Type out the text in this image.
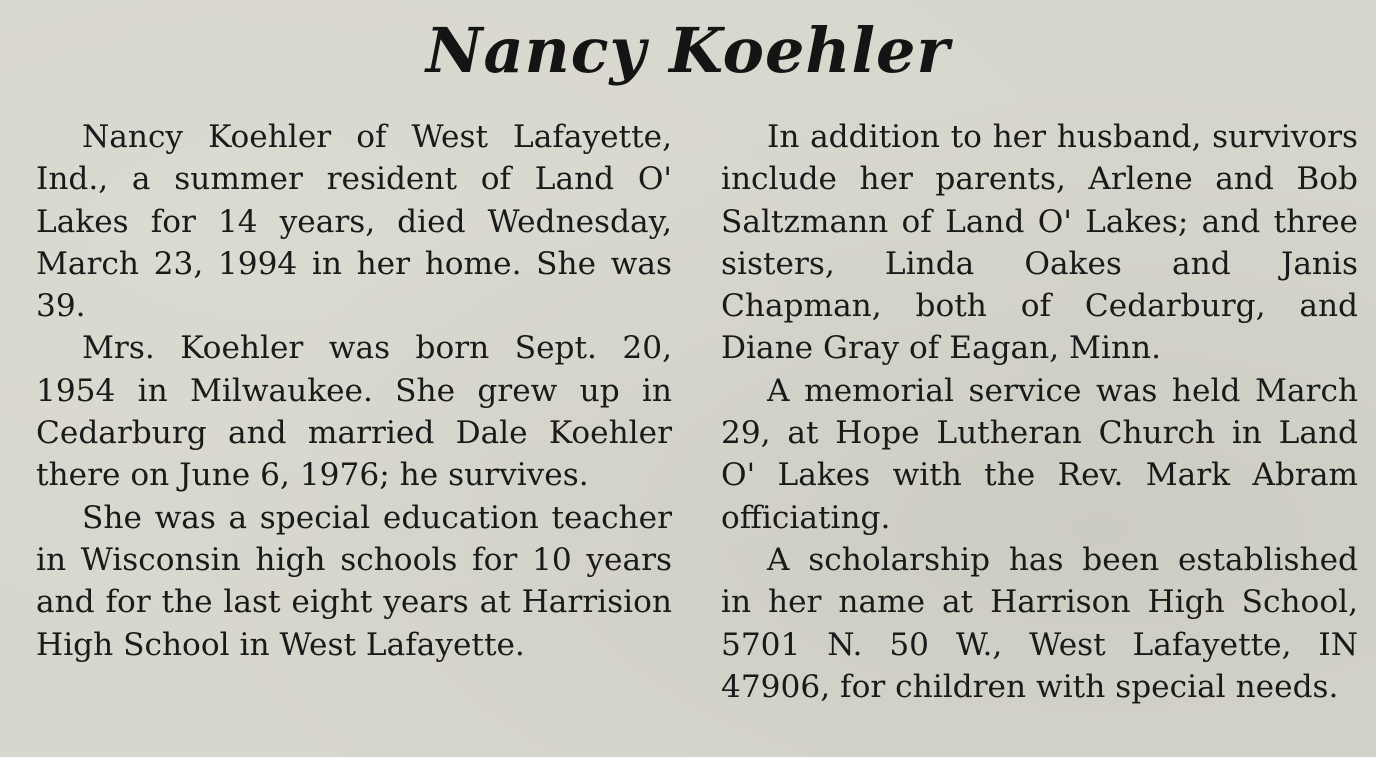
Nancy Koehler

Nancy Koehler of West Lafayette, Ind., a summer resident of Land O' Lakes for 14 years, died Wednesday, March 23, 1994 in her home. She was 39.

Mrs. Koehler was born Sept. 20, 1954 in Milwaukee. She grew up in Cedarburg and married Dale Koehler there on June 6, 1976; he survives.

She was a special education teacher in Wisconsin high schools for 10 years and for the last eight years at Harrision High School in West Lafayette.

In addition to her husband, survivors include her parents, Arlene and Bob Saltzmann of Land O' Lakes; and three sisters, Linda Oakes and Janis Chapman, both of Cedarburg, and Diane Gray of Eagan, Minn.

A memorial service was held March 29, at Hope Lutheran Church in Land O' Lakes with the Rev. Mark Abram officiating.

A scholarship has been established in her name at Harrison High School, 5701 N. 50 W., West Lafayette, IN 47906, for children with special needs.
